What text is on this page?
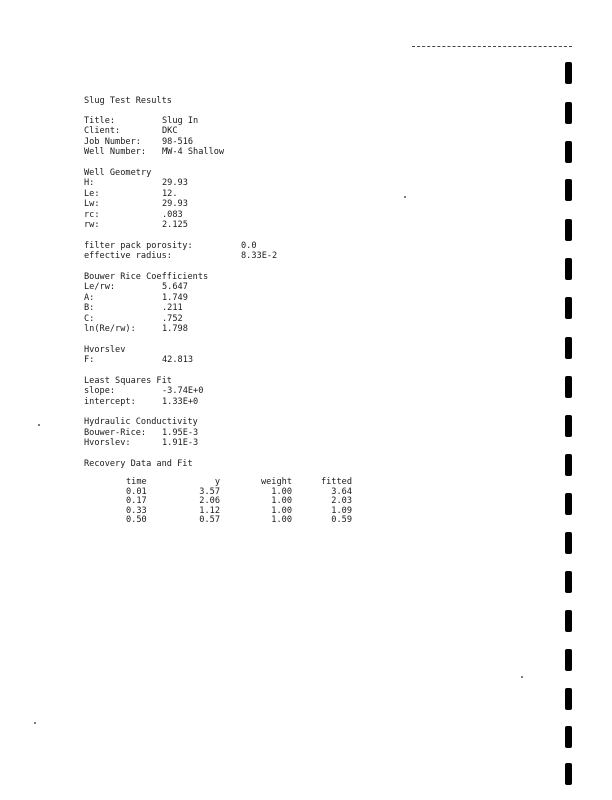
Slug Test Results
Title:	Slug In
Client:	DKC
Job Number:	98-516
Well Number:	MW-4 Shallow
Well Geometry
H:	29.93
Le:	12.
Lw:	29.93
rc:	.083
rw:	2.125
filter pack porosity:	0.0
effective radius:	8.33E-2
Bouwer Rice Coefficients
Le/rw:	5.647
A:	1.749
B:	.211
C:	.752
ln(Re/rw):	1.798
Hvorslev
F:	42.813
Least Squares Fit
slope:	-3.74E+0
intercept:	1.33E+0
Hydraulic Conductivity
Bouwer-Rice:	1.95E-3
Hvorslev:	1.91E-3
Recovery Data and Fit
time	y	weight	fitted
0.01	3.57	1.00	3.64
0.17	2.06	1.00	2.03
0.33	1.12	1.00	1.09
0.50	0.57	1.00	0.59
